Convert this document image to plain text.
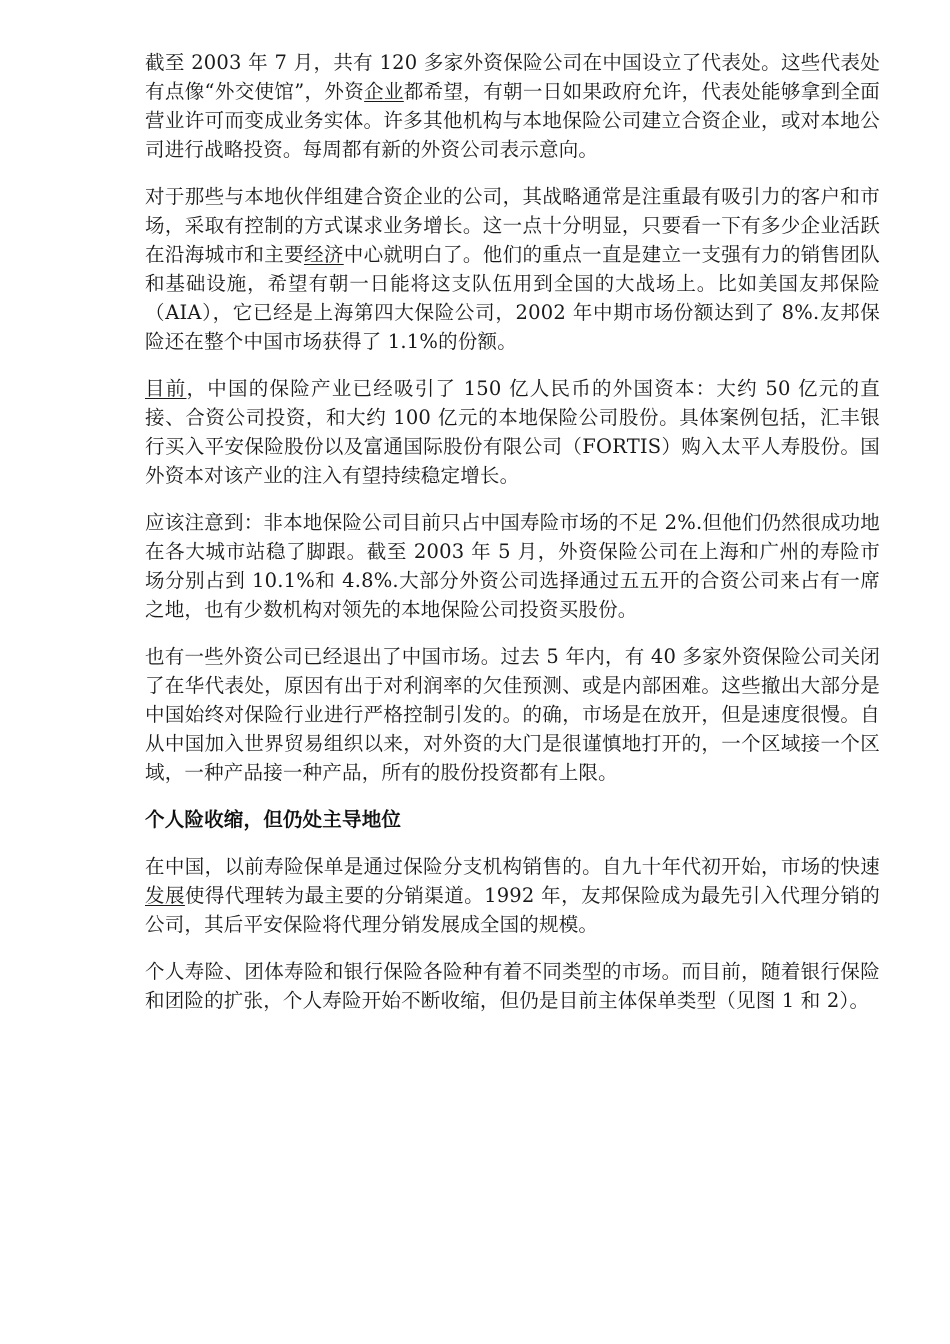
截至 2003 年 7 月，共有 120 多家外资保险公司在中国设立了代表处。这些代表处有点像“外交使馆”，外资企业都希望，有朝一日如果政府允许，代表处能够拿到全面营业许可而变成业务实体。许多其他机构与本地保险公司建立合资企业，或对本地公司进行战略投资。每周都有新的外资公司表示意向。

对于那些与本地伙伴组建合资企业的公司，其战略通常是注重最有吸引力的客户和市场，采取有控制的方式谋求业务增长。这一点十分明显，只要看一下有多少企业活跃在沿海城市和主要经济中心就明白了。他们的重点一直是建立一支强有力的销售团队和基础设施，希望有朝一日能将这支队伍用到全国的大战场上。比如美国友邦保险（AIA），它已经是上海第四大保险公司，2002 年中期市场份额达到了 8%.友邦保险还在整个中国市场获得了 1.1%的份额。

目前，中国的保险产业已经吸引了 150 亿人民币的外国资本：大约 50 亿元的直接、合资公司投资，和大约 100 亿元的本地保险公司股份。具体案例包括，汇丰银行买入平安保险股份以及富通国际股份有限公司（FORTIS）购入太平人寿股份。国外资本对该产业的注入有望持续稳定增长。

应该注意到：非本地保险公司目前只占中国寿险市场的不足 2%.但他们仍然很成功地在各大城市站稳了脚跟。截至 2003 年 5 月，外资保险公司在上海和广州的寿险市场分别占到 10.1%和 4.8%.大部分外资公司选择通过五五开的合资公司来占有一席之地，也有少数机构对领先的本地保险公司投资买股份。

也有一些外资公司已经退出了中国市场。过去 5 年内，有 40 多家外资保险公司关闭了在华代表处，原因有出于对利润率的欠佳预测、或是内部困难。这些撤出大部分是中国始终对保险行业进行严格控制引发的。的确，市场是在放开，但是速度很慢。自从中国加入世界贸易组织以来，对外资的大门是很谨慎地打开的，一个区域接一个区域，一种产品接一种产品，所有的股份投资都有上限。

个人险收缩，但仍处主导地位

在中国，以前寿险保单是通过保险分支机构销售的。自九十年代初开始，市场的快速发展使得代理转为最主要的分销渠道。1992 年，友邦保险成为最先引入代理分销的公司，其后平安保险将代理分销发展成全国的规模。

个人寿险、团体寿险和银行保险各险种有着不同类型的市场。而目前，随着银行保险和团险的扩张，个人寿险开始不断收缩，但仍是目前主体保单类型（见图 1 和 2）。
